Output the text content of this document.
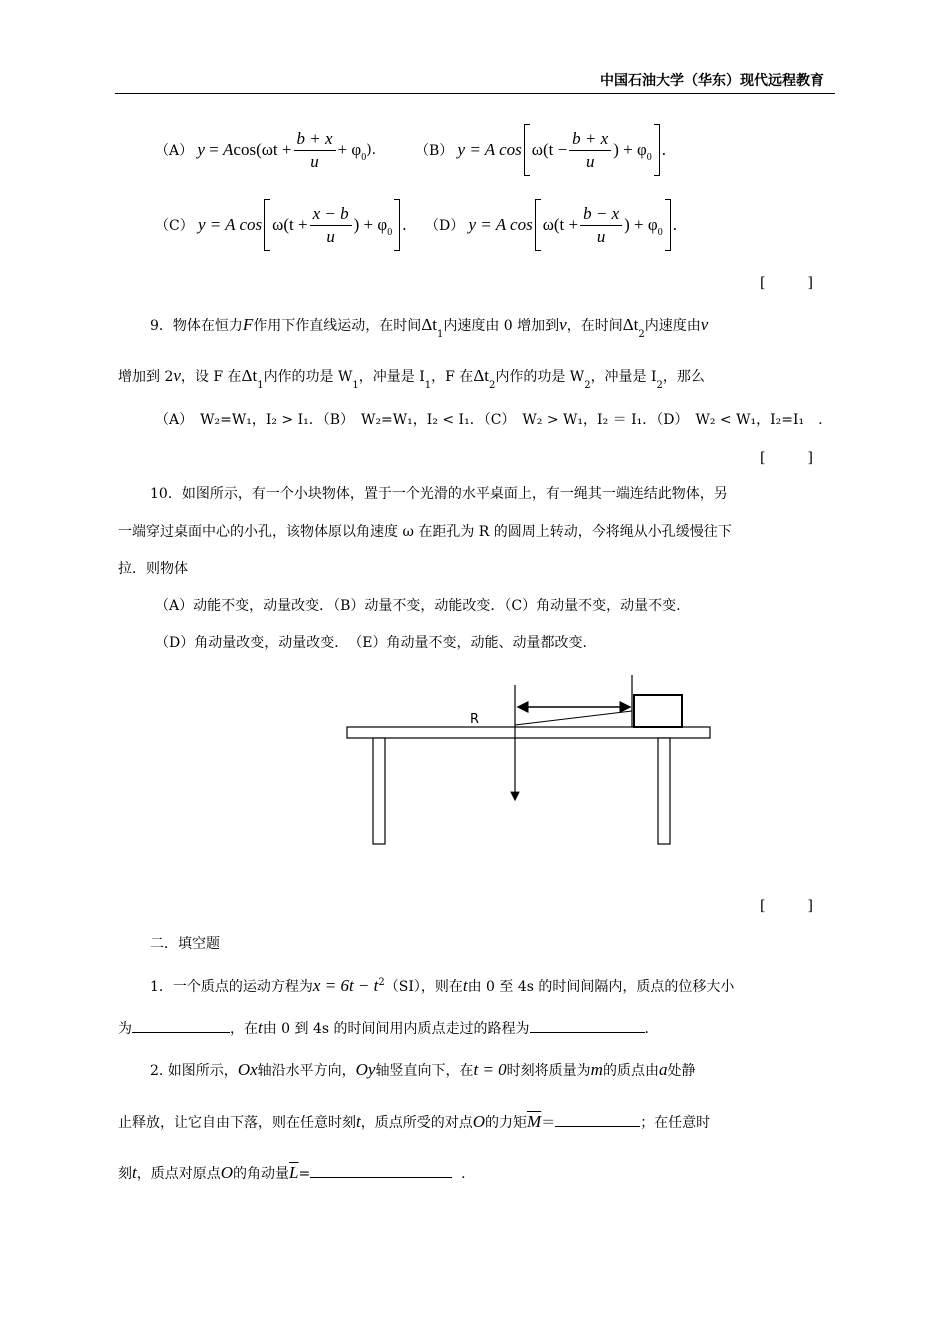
中国石油大学（华东）现代远程教育
（A）
y
=
A cos( ωt
+ $\frac{b + x}{u} + \varphi$ 0 ).	（B）
y = A $\cos \omega(t - \frac{b + x}{u}$ ) + φ 0 .
（C）
y = A $\cos \omega(t + \frac{x - b}{u}$ ) + φ 0 . （D）
y = A $\cos \omega(t + \frac{b - x}{u}$ ) + φ 0 .
[　　　]
9．物体在恒力F作用下作直线运动，在时间$\Delta t_1$内速度由 0 增加到v，在时间$\Delta t_2$内速度由v
增加到 2v，设 F 在$\Delta t_1$内作的功是 $W_1$，冲量是 $I_1$，F 在$\Delta t_2$内作的功是 $W_2$，冲量是 $I_2$，那么
（A）　W₂=W₁，I₂ > I₁．（B）　W₂=W₁，I₂ < I₁．（C）　W₂ > W₁，I₂ ＝ I₁．（D）　W₂ < W₁，I₂=I₁　.
[　　　]
10．如图所示，有一个小块物体，置于一个光滑的水平桌面上，有一绳其一端连结此物体，另
一端穿过桌面中心的小孔，该物体原以角速度 ω 在距孔为 R 的圆周上转动，今将绳从小孔缓慢往下
拉．则物体
（A）动能不变，动量改变．（B）动量不变，动能改变．（C）角动量不变，动量不变.
（D）角动量改变，动量改变．　（E）角动量不变，动能、动量都改变.
R
[　　　]
二．填空题
1．一个质点的运动方程为$x = 6t - t^2(SI)$，则在t由 0 至 4s 的时间间隔内，质点的位移大小
为	，在t由 0 到 4s 的时间间用内质点走过的路程为	.
2. 如图所示，Ox轴沿水平方向，Oy轴竖直向下，在t = 0时刻将质量为m的质点由a处静
止释放，让它自由下落，则在任意时刻t，质点所受的对点O的力矩$\overline{M}=$	；在任意时
刻t，质点对原点O的角动量$\overline{L}=$	.
